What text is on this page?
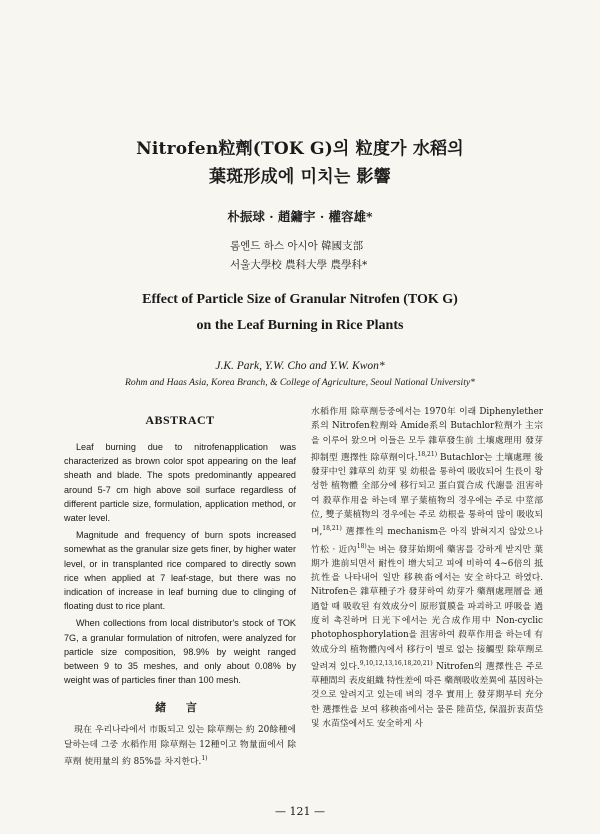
Nitrofen粒劑(TOK G)의 粒度가 水稻의
葉斑形成에 미치는 影響
朴振球 · 趙鏞宇 · 權容雄*
롬엔드 하스 아시아 韓國支部
서울大學校 農科大學 農學科*
Effect of Particle Size of Granular Nitrofen (TOK G)
on the Leaf Burning in Rice Plants
J.K. Park, Y.W. Cho and Y.W. Kwon*
Rohm and Haas Asia, Korea Branch, & College of Agriculture, Seoul National University*
ABSTRACT

Leaf burning due to nitrofenapplication was characterized as brown color spot appearing on the leaf sheath and blade. The spots predominantly appeared around 5-7 cm high above soil surface regardless of different particle size, formulation, application method, or water level.

Magnitude and frequency of burn spots increased somewhat as the granular size gets finer, by higher water level, or in transplanted rice compared to directly sown rice when applied at 7 leaf-stage, but there was no indication of increase in leaf burning due to clinging of floating dust to rice plant.

When collections from local distributor's stock of TOK 7G, a granular formulation of nitrofen, were analyzed for particle size composition, 98.9% by weight ranged between 9 to 35 meshes, and only about 0.08% by weight was of particles finer than 100 mesh.

緒 言

現在 우리나라에서 市販되고 있는 除草劑는 約 20餘種에 달하는데 그중 水稻作用 除草劑는 12種이고 物量面에서 除草劑 使用量의 約 85%를 차지한다.$^{1)}$

水稻作用 除草劑등중에서는 1970年 이래 Diphenylether系의 Nitrofen粒劑와 Amide系의 Butachlor粒劑가 主宗을 이루어 왔으며 이들은 모두 雜草發生前 土壤處理用 發芽抑制型 選擇性 除草劑이다.$^{18,21)}$ Butachlor는 土壤處理 後 發芽中인 雜草의 幼芽 및 幼根을 통하여 吸收되어 生長이 왕성한 植物體 全部分에 移行되고 蛋白質合成 代謝를 沮害하여 殺草作用을 하는데 單子葉植物의 경우에는 주로 中莖部位, 雙子葉植物의 경우에는 주로 幼根을 통하여 많이 吸收되며,$^{18,21)}$ 選擇性의 mechanism은 아직 밝혀지지 않았으나 竹松 · 近內$^{18)}$는 벼는 發芽始期에 藥害를 강하게 받지만 葉期가 進前되면서 耐性이 增大되고 피에 비하여 4~6倍의 抵抗性을 나타내어 일반 移秧畓에서는 安全하다고 하였다. Nitrofen은 雜草種子가 發芽하여 幼芽가 藥劑處理層을 通過할 때 吸收된 有效成分이 原形質膜을 파괴하고 呼吸을 過度히 촉진하며 日光下에서는 光合成作用中 Non-cyclic photophosphorylation을 沮害하여 殺草作用을 하는데 有效成分의 植物體內에서 移行이 별로 없는 接觸型 除草劑로 알려져 있다.$^{9,10,12,13,16,18,20,21)}$ Nitrofen의 選擇性은 주로 草種間의 表皮組織 特性差에 따른 藥劑吸收差異에 基因하는 것으로 알려지고 있는데 벼의 경우 實用上 發芽期부터 充分한 選擇性을 보여 移秧畓에서는 물론 陸苗垈, 保溫折衷苗垈 및 水苗垈에서도 安全하게 사

— 121 —
